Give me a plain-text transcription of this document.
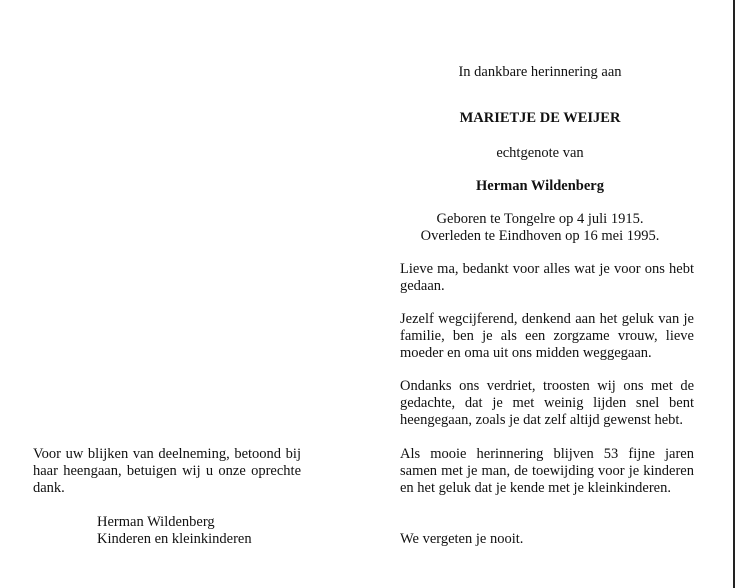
In dankbare herinnering aan
MARIETJE DE WEIJER
echtgenote van
Herman Wildenberg
Geboren te Tongelre op 4 juli 1915.
Overleden te Eindhoven op 16 mei 1995.

Lieve ma, bedankt voor alles wat je voor ons hebt gedaan.

Jezelf wegcijferend, denkend aan het geluk van je familie, ben je als een zorgzame vrouw, lieve moeder en oma uit ons midden weggegaan.

Ondanks ons verdriet, troosten wij ons met de gedachte, dat je met weinig lijden snel bent heengegaan, zoals je dat zelf altijd gewenst hebt.

Als mooie herinnering blijven 53 fijne jaren samen met je man, de toewijding voor je kinderen en het geluk dat je kende met je kleinkinderen.

We vergeten je nooit.

Voor uw blijken van deelneming, betoond bij haar heengaan, betuigen wij u onze oprechte dank.

Herman Wildenberg
Kinderen en kleinkinderen
